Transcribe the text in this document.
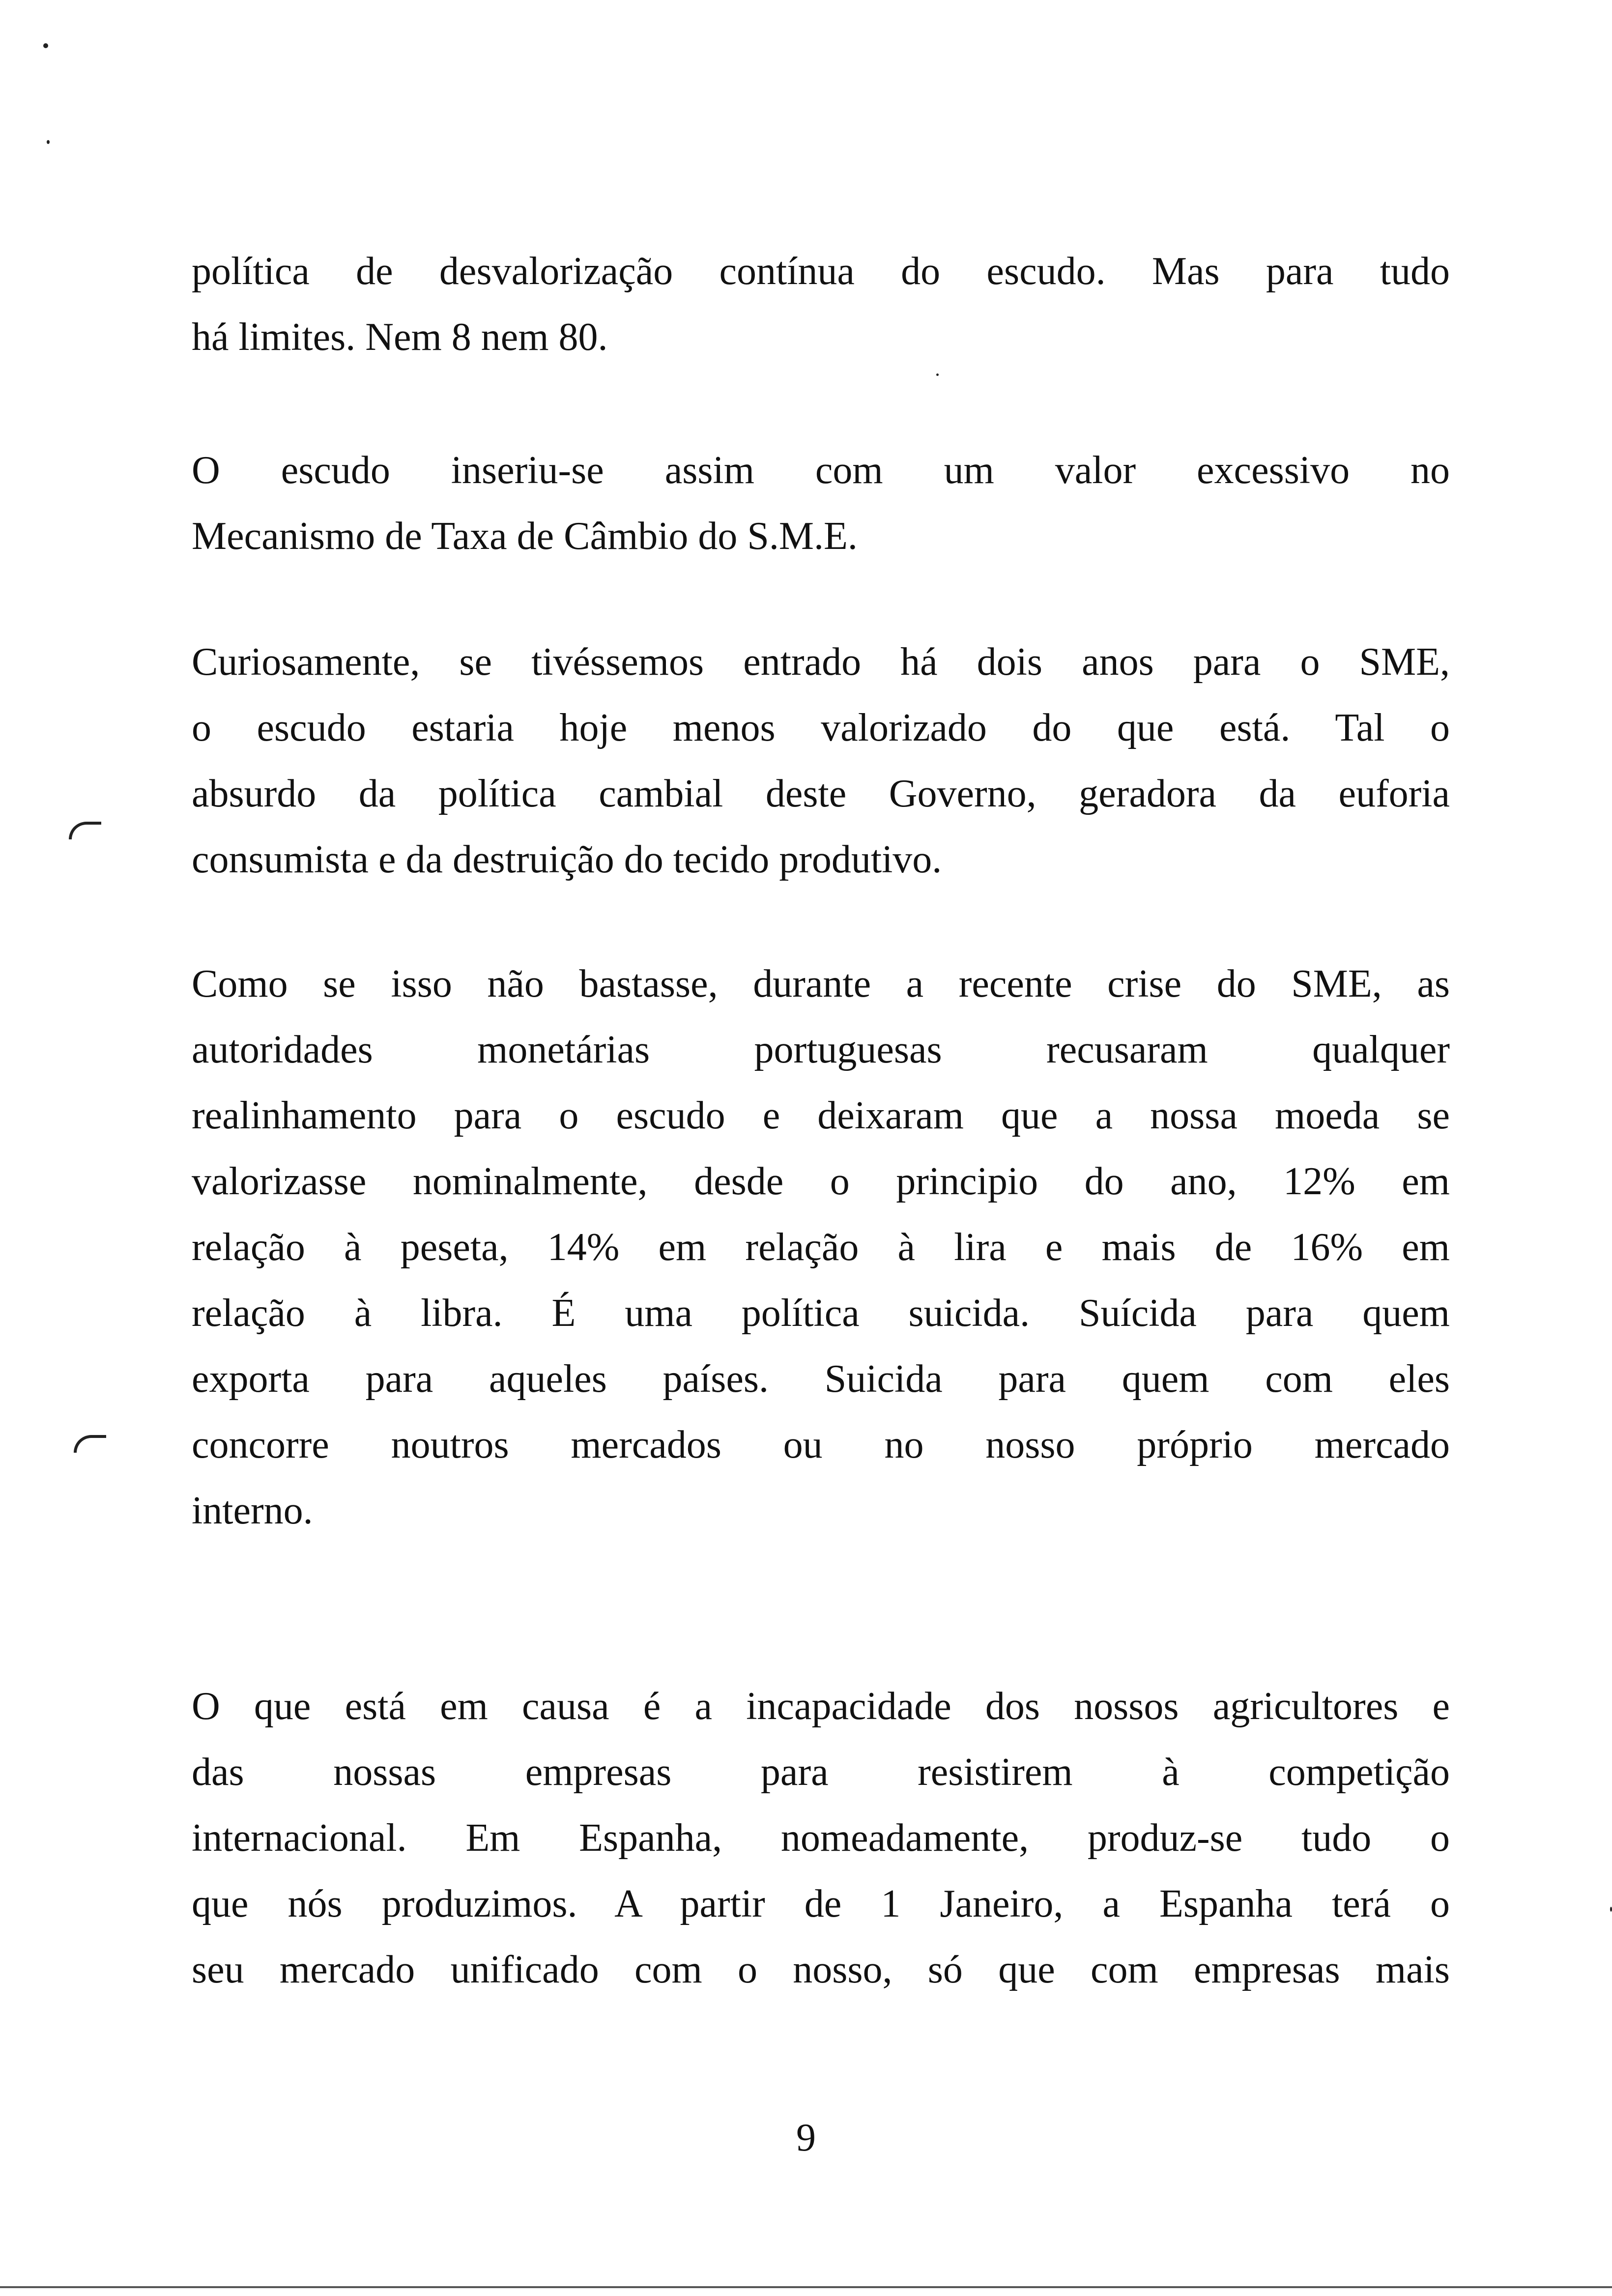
política de desvalorização contínua do escudo. Mas para tudo
há limites. Nem 8 nem 80.
O escudo inseriu-se assim com um valor excessivo no
Mecanismo de Taxa de Câmbio do S.M.E.
Curiosamente, se tivéssemos entrado há dois anos para o SME,
o escudo estaria hoje menos valorizado do que está. Tal o
absurdo da política cambial deste Governo, geradora da euforia
consumista e da destruição do tecido produtivo.
Como se isso não bastasse, durante a recente crise do SME, as
autoridades monetárias portuguesas recusaram qualquer
realinhamento para o escudo e deixaram que a nossa moeda se
valorizasse nominalmente, desde o principio do ano, 12% em
relação à peseta, 14% em relação à lira e mais de 16% em
relação à libra. É uma política suicida. Suícida para quem
exporta para aqueles países. Suicida para quem com eles
concorre noutros mercados ou no nosso próprio mercado
interno.
O que está em causa é a incapacidade dos nossos agricultores e
das nossas empresas para resistirem à competição
internacional. Em Espanha, nomeadamente, produz-se tudo o
que nós produzimos. A partir de 1 Janeiro, a Espanha terá o
seu mercado unificado com o nosso, só que com empresas mais
9
